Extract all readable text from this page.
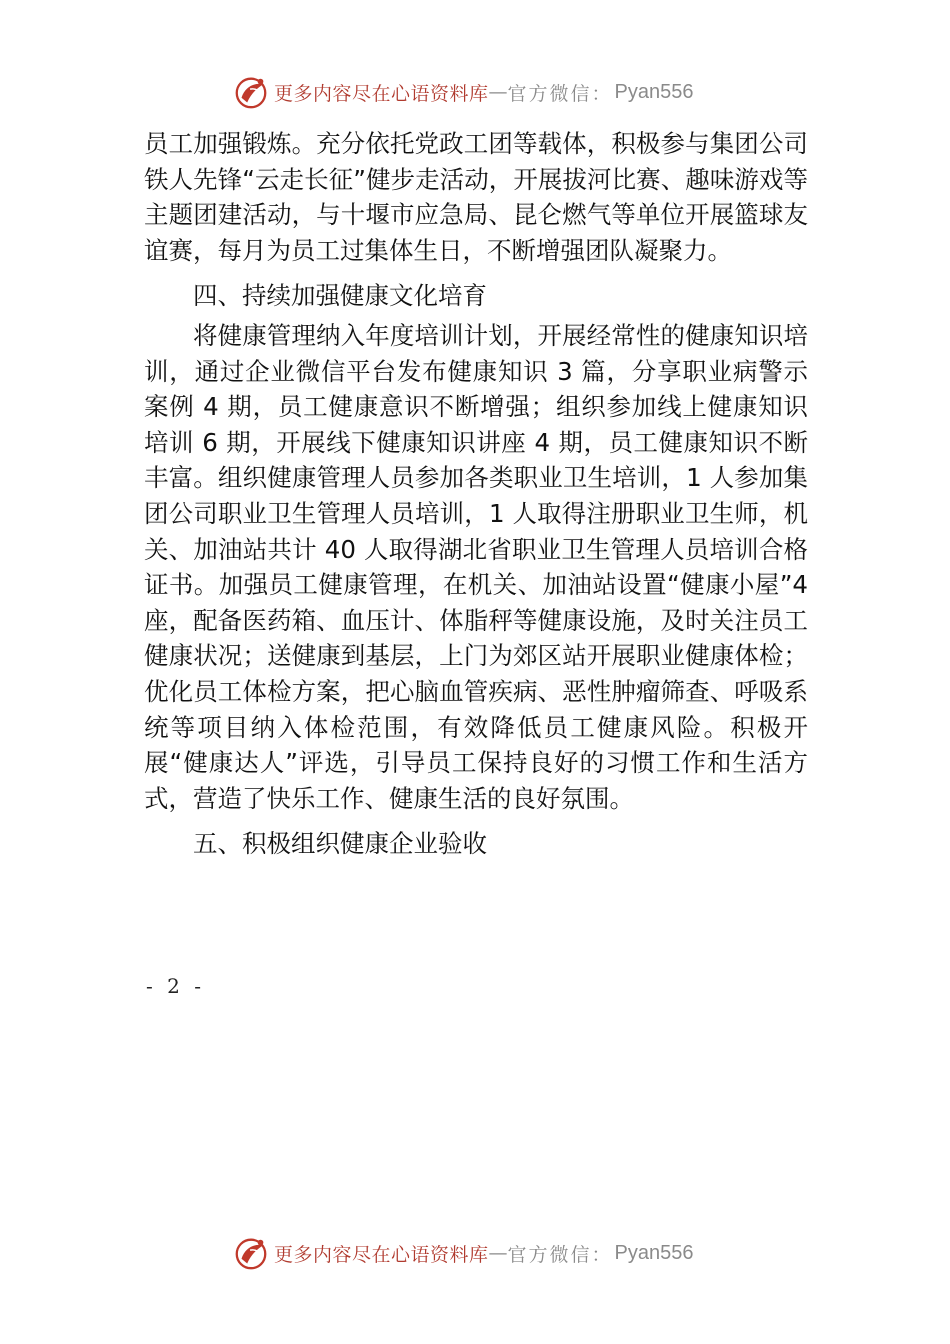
更多内容尽在心语资料库 — 官方微信： Pyan556

员工加强锻炼。充分依托党政工团等载体，积极参与集团公司铁人先锋“云走长征”健步走活动，开展拔河比赛、趣味游戏等主题团建活动，与十堰市应急局、昆仑燃气等单位开展篮球友谊赛，每月为员工过集体生日，不断增强团队凝聚力。

四、持续加强健康文化培育

将健康管理纳入年度培训计划，开展经常性的健康知识培训，通过企业微信平台发布健康知识 3 篇，分享职业病警示案例 4 期，员工健康意识不断增强；组织参加线上健康知识培训 6 期，开展线下健康知识讲座 4 期，员工健康知识不断丰富。组织健康管理人员参加各类职业卫生培训，1 人参加集团公司职业卫生管理人员培训，1 人取得注册职业卫生师，机关、加油站共计 40 人取得湖北省职业卫生管理人员培训合格证书。加强员工健康管理，在机关、加油站设置“健康小屋”4 座，配备医药箱、血压计、体脂秤等健康设施，及时关注员工健康状况；送健康到基层，上门为郊区站开展职业健康体检；优化员工体检方案，把心脑血管疾病、恶性肿瘤筛查、呼吸系统等项目纳入体检范围，有效降低员工健康风险。积极开展“健康达人”评选，引导员工保持良好的习惯工作和生活方式，营造了快乐工作、健康生活的良好氛围。

五、积极组织健康企业验收

- 2 -
更多内容尽在心语资料库 — 官方微信： Pyan556
